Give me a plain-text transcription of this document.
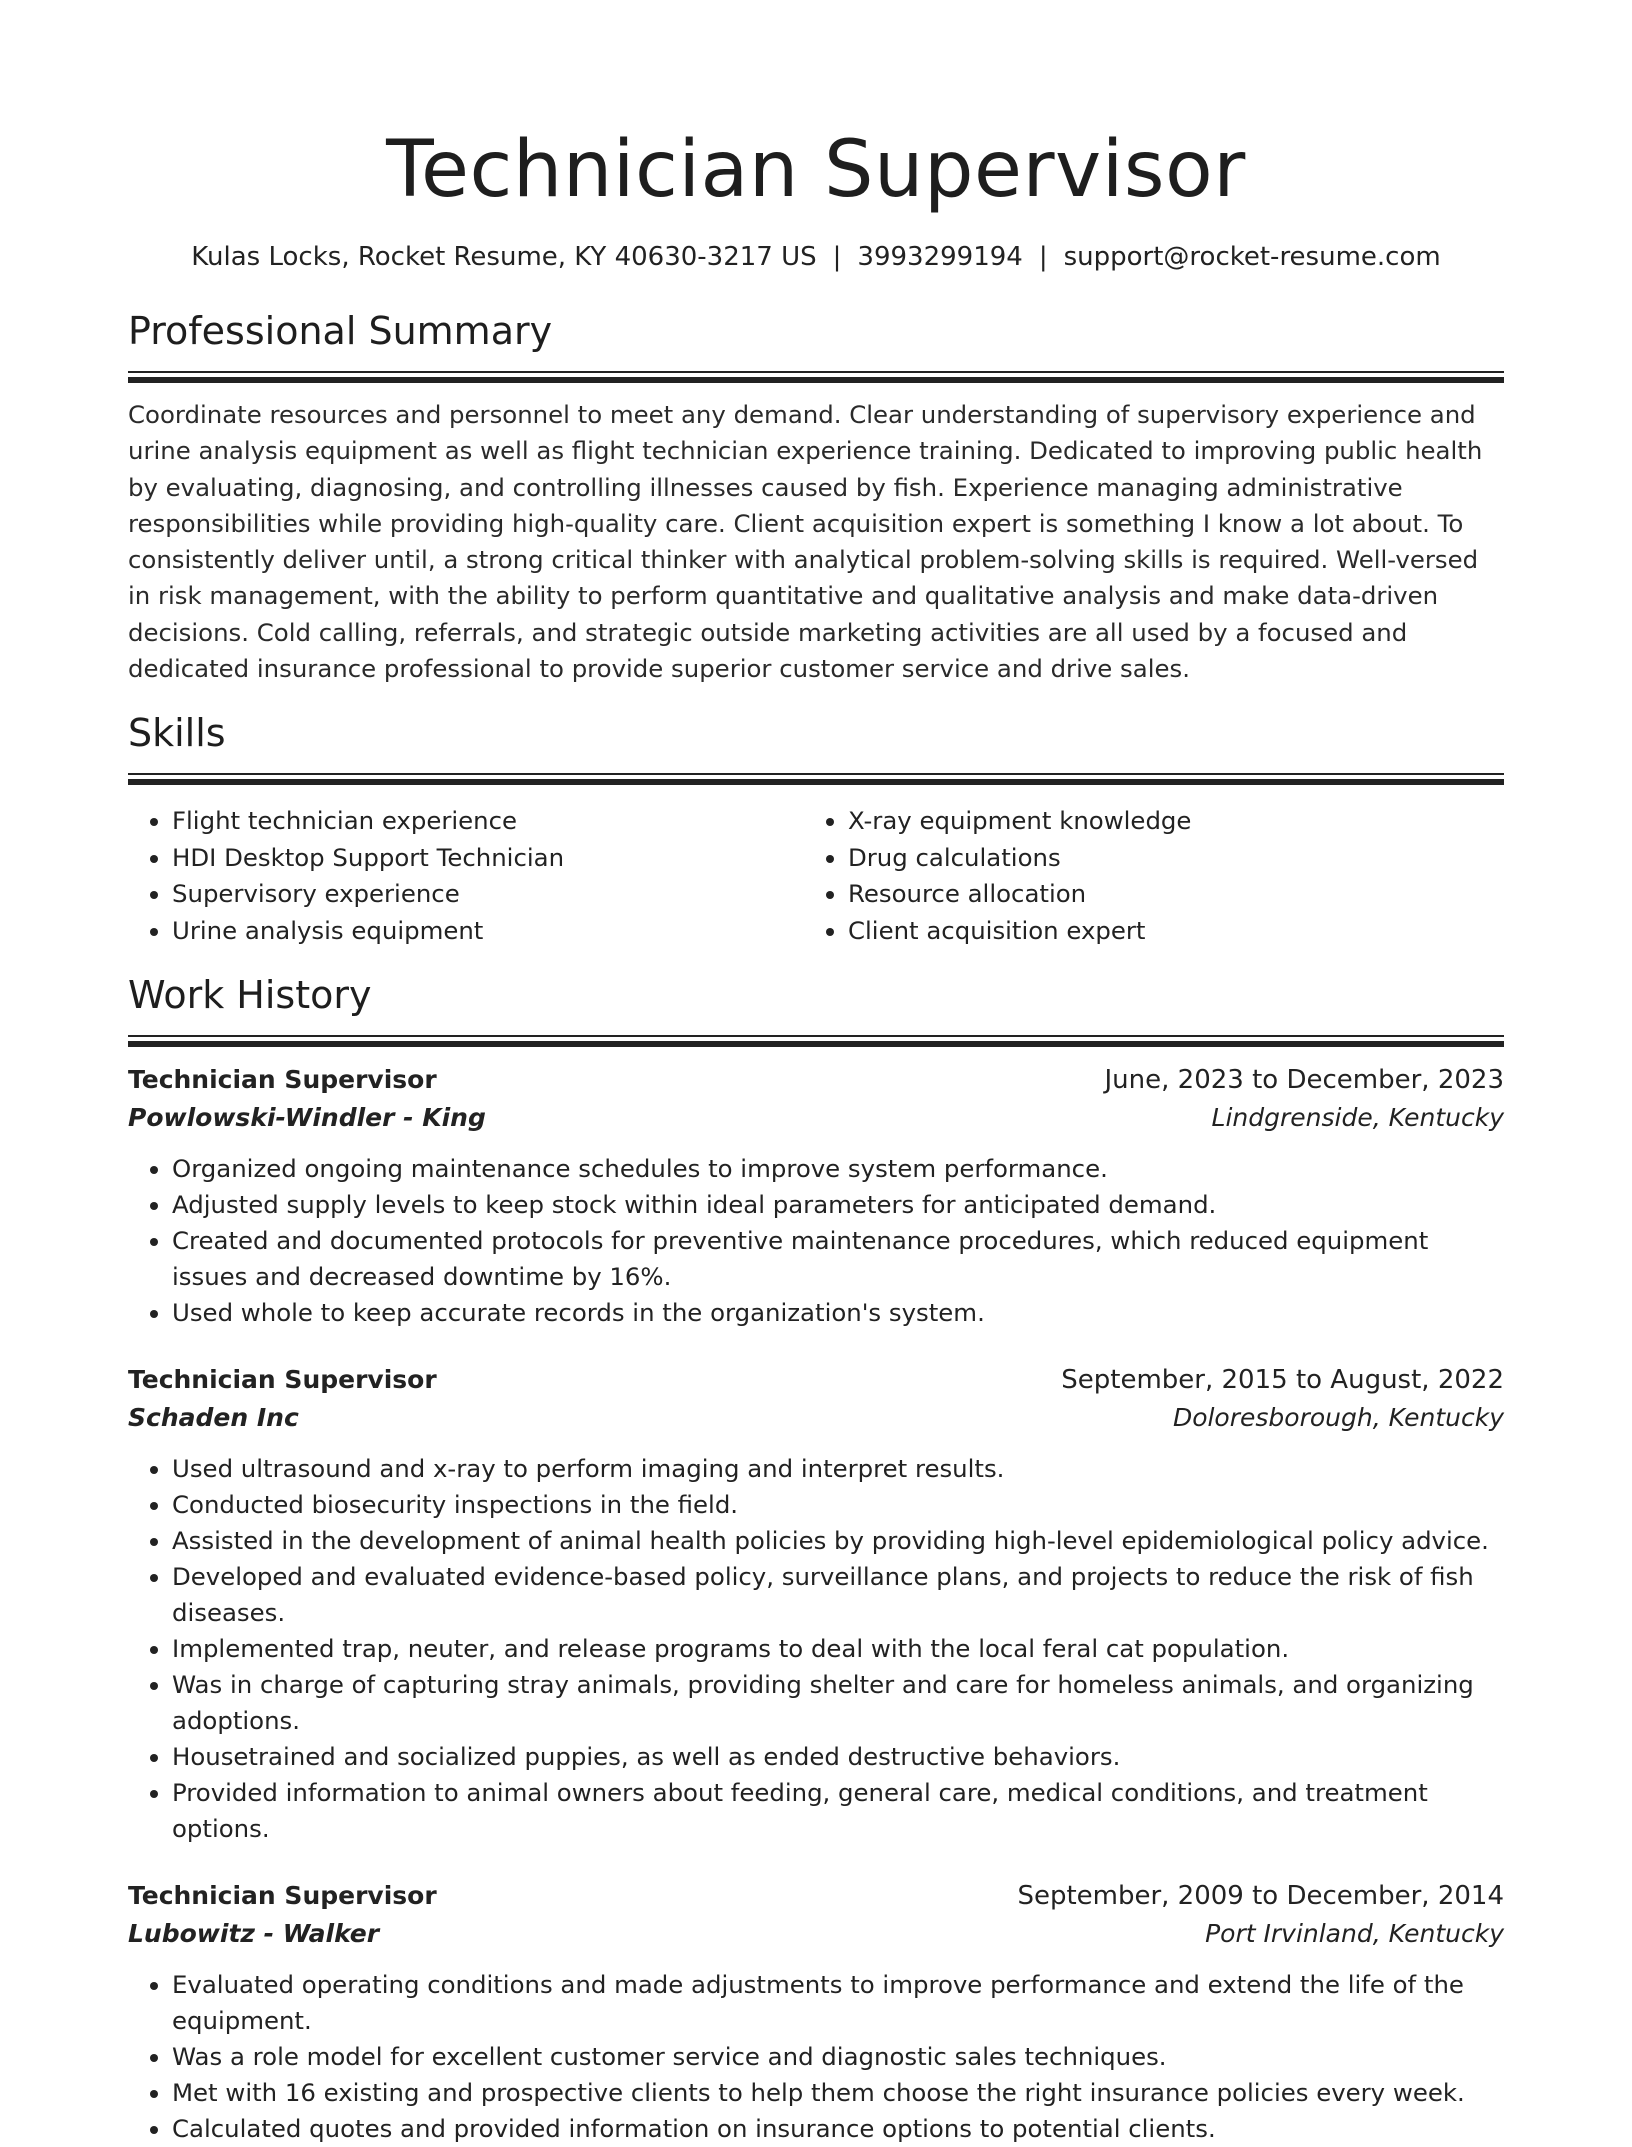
Technician Supervisor
Kulas Locks, Rocket Resume, KY 40630-3217 US | 3993299194 | support@rocket-resume.com
Professional Summary
Coordinate resources and personnel to meet any demand. Clear understanding of supervisory experience and urine analysis equipment as well as flight technician experience training. Dedicated to improving public health by evaluating, diagnosing, and controlling illnesses caused by fish. Experience managing administrative responsibilities while providing high-quality care. Client acquisition expert is something I know a lot about. To consistently deliver until, a strong critical thinker with analytical problem-solving skills is required. Well-versed in risk management, with the ability to perform quantitative and qualitative analysis and make data-driven decisions. Cold calling, referrals, and strategic outside marketing activities are all used by a focused and dedicated insurance professional to provide superior customer service and drive sales.
Skills
• Flight technician experience
• HDI Desktop Support Technician
• Supervisory experience
• Urine analysis equipment
• X-ray equipment knowledge
• Drug calculations
• Resource allocation
• Client acquisition expert
Work History
Technician Supervisor	June, 2023 to December, 2023
Powlowski-Windler - King	Lindgrenside, Kentucky
• Organized ongoing maintenance schedules to improve system performance.
• Adjusted supply levels to keep stock within ideal parameters for anticipated demand.
• Created and documented protocols for preventive maintenance procedures, which reduced equipment issues and decreased downtime by 16%.
• Used whole to keep accurate records in the organization's system.
Technician Supervisor	September, 2015 to August, 2022
Schaden Inc	Doloresborough, Kentucky
• Used ultrasound and x-ray to perform imaging and interpret results.
• Conducted biosecurity inspections in the field.
• Assisted in the development of animal health policies by providing high-level epidemiological policy advice.
• Developed and evaluated evidence-based policy, surveillance plans, and projects to reduce the risk of fish diseases.
• Implemented trap, neuter, and release programs to deal with the local feral cat population.
• Was in charge of capturing stray animals, providing shelter and care for homeless animals, and organizing adoptions.
• Housetrained and socialized puppies, as well as ended destructive behaviors.
• Provided information to animal owners about feeding, general care, medical conditions, and treatment options.
Technician Supervisor	September, 2009 to December, 2014
Lubowitz - Walker	Port Irvinland, Kentucky
• Evaluated operating conditions and made adjustments to improve performance and extend the life of the equipment.
• Was a role model for excellent customer service and diagnostic sales techniques.
• Met with 16 existing and prospective clients to help them choose the right insurance policies every week.
• Calculated quotes and provided information on insurance options to potential clients.
